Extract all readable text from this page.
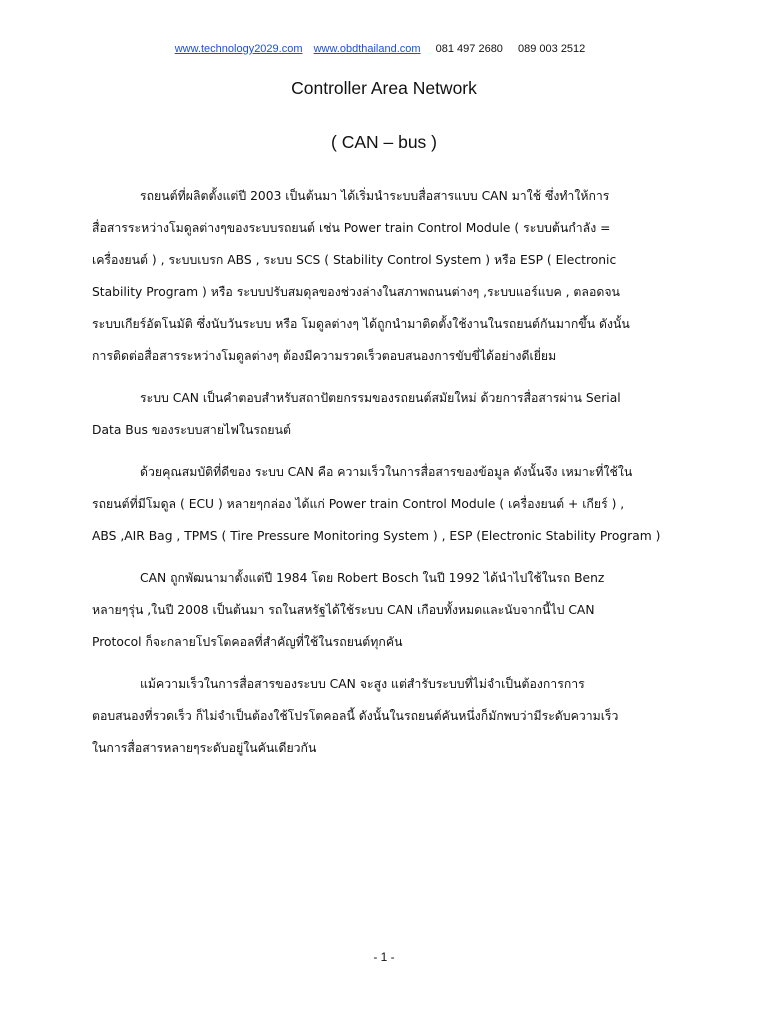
www.technology2029.com www.obdthailand.com 081 497 2680 089 003 2512
Controller Area Network
( CAN – bus )
รถยนต์ที่ผลิตตั้งแต่ปี 2003 เป็นต้นมา ได้เริ่มนำระบบสื่อสารแบบ CAN มาใช้ ซึ่งทำให้การ
สื่อสารระหว่างโมดูลต่างๆของระบบรถยนต์ เช่น Power train Control Module ( ระบบต้นกำลัง =
เครื่องยนต์ ) , ระบบเบรก ABS , ระบบ SCS ( Stability Control System ) หรือ ESP ( Electronic
Stability Program ) หรือ ระบบปรับสมดุลของช่วงล่างในสภาพถนนต่างๆ ,ระบบแอร์แบค , ตลอดจน
ระบบเกียร์อัตโนมัติ ซึ่งนับวันระบบ หรือ โมดูลต่างๆ ได้ถูกนำมาติดตั้งใช้งานในรถยนต์กันมากขึ้น ดังนั้น
การติดต่อสื่อสารระหว่างโมดูลต่างๆ ต้องมีความรวดเร็วตอบสนองการขับขี่ได้อย่างดีเยี่ยม
ระบบ CAN เป็นคำตอบสำหรับสถาปัตยกรรมของรถยนต์สมัยใหม่ ด้วยการสื่อสารผ่าน Serial
Data Bus ของระบบสายไฟในรถยนต์
ด้วยคุณสมบัติที่ดีของ ระบบ CAN คือ ความเร็วในการสื่อสารของข้อมูล ดังนั้นจึง เหมาะที่ใช้ใน
รถยนต์ที่มีโมดูล ( ECU ) หลายๆกล่อง ได้แก่ Power train Control Module ( เครื่องยนต์ + เกียร์ ) ,
ABS ,AIR Bag , TPMS ( Tire Pressure Monitoring System ) , ESP (Electronic Stability Program )
CAN ถูกพัฒนามาตั้งแต่ปี 1984 โดย Robert Bosch ในปี 1992 ได้นำไปใช้ในรถ Benz
หลายๆรุ่น ,ในปี 2008 เป็นต้นมา รถในสหรัฐได้ใช้ระบบ CAN เกือบทั้งหมดและนับจากนี้ไป CAN
Protocol ก็จะกลายโปรโตคอลที่สำคัญที่ใช้ในรถยนต์ทุกคัน
แม้ความเร็วในการสื่อสารของระบบ CAN จะสูง แต่สำรับระบบที่ไม่จำเป็นต้องการการ
ตอบสนองที่รวดเร็ว ก็ไม่จำเป็นต้องใช้โปรโตคอลนี้ ดังนั้นในรถยนต์คันหนึ่งก็มักพบว่ามีระดับความเร็ว
ในการสื่อสารหลายๆระดับอยู่ในคันเดียวกัน
- 1 -
